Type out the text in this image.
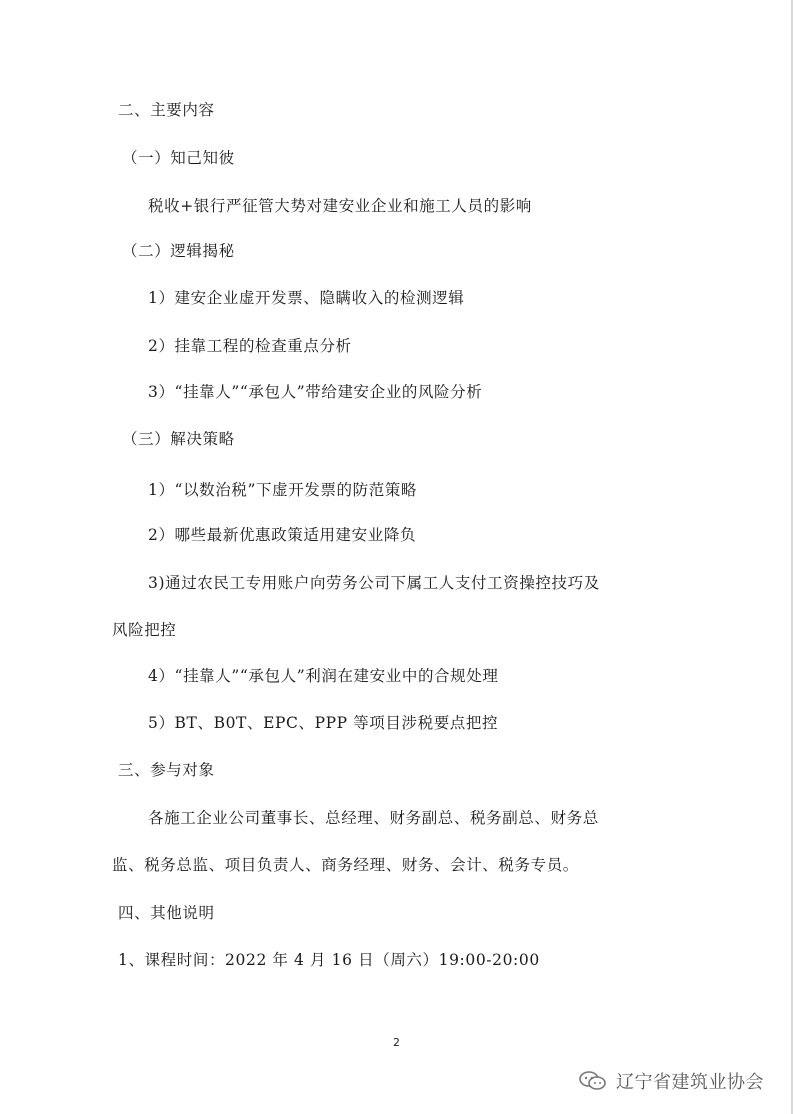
二、主要内容
（一）知己知彼
税收+银行严征管大势对建安业企业和施工人员的影响
（二）逻辑揭秘
1）建安企业虚开发票、隐瞒收入的检测逻辑
2）挂靠工程的检查重点分析
3）“挂靠人”“承包人”带给建安企业的风险分析
（三）解决策略
1）“以数治税”下虚开发票的防范策略
2）哪些最新优惠政策适用建安业降负
3)通过农民工专用账户向劳务公司下属工人支付工资操控技巧及
风险把控
4）“挂靠人”“承包人”利润在建安业中的合规处理
5）BT、B0T、EPC、PPP 等项目涉税要点把控
三、参与对象
各施工企业公司董事长、总经理、财务副总、税务副总、财务总
监、税务总监、项目负责人、商务经理、财务、会计、税务专员。
四、其他说明
1、课程时间：2022 年 4 月 16 日（周六）19:00-20:00
2
辽宁省建筑业协会
